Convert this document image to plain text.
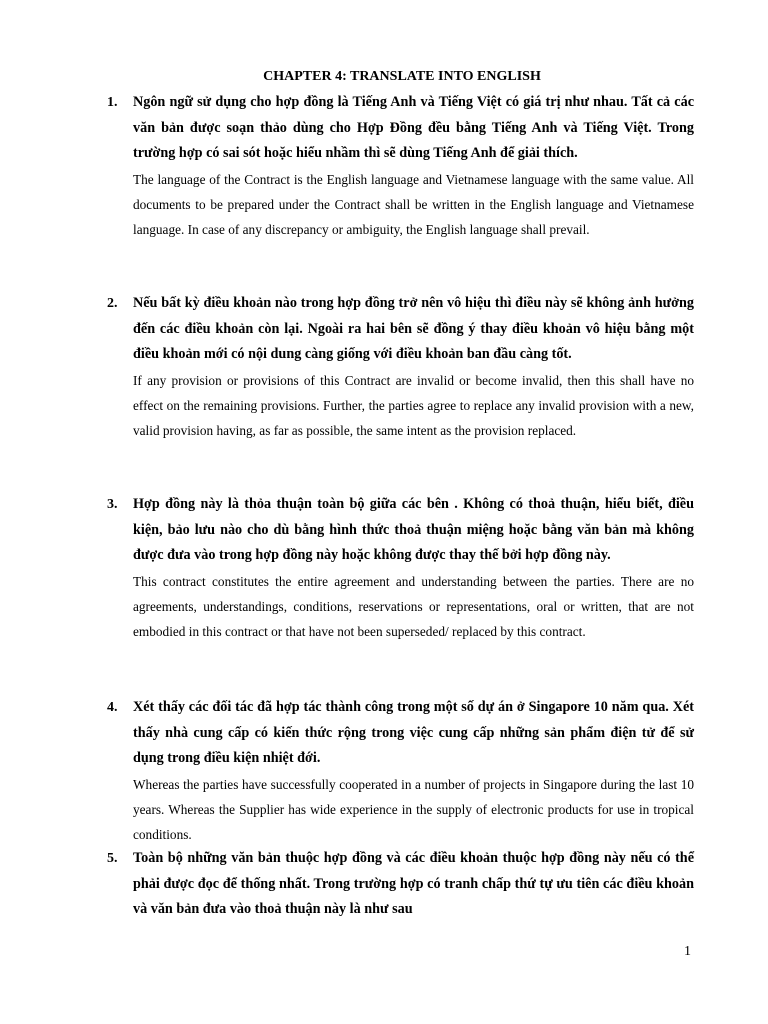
CHAPTER 4: TRANSLATE INTO ENGLISH
1.	Ngôn ngữ sử dụng cho hợp đồng là Tiếng Anh và Tiếng Việt có giá trị như nhau. Tất cả các văn bản được soạn thảo dùng cho Hợp Đồng đều bằng Tiếng Anh và Tiếng Việt. Trong trường hợp có sai sót hoặc hiểu nhầm thì sẽ dùng Tiếng Anh để giải thích.
The language of the Contract is the English language and Vietnamese language with the same value. All documents to be prepared under the Contract shall be written in the English language and Vietnamese language. In case of any discrepancy or ambiguity, the English language shall prevail.
2.	Nếu bất kỳ điều khoản nào trong hợp đồng trở nên vô hiệu thì điều này sẽ không ảnh hưởng đến các điều khoản còn lại. Ngoài ra hai bên sẽ đồng ý thay điều khoản vô hiệu bằng một điều khoản mới có nội dung càng giống với điều khoản ban đầu càng tốt.
If any provision or provisions of this Contract are invalid or become invalid, then this shall have no effect on the remaining provisions. Further, the parties agree to replace any invalid provision with a new, valid provision having, as far as possible, the same intent as the provision replaced.
3.	Hợp đồng này là thỏa thuận toàn bộ giữa các bên . Không có thoả thuận, hiểu biết, điều kiện, bảo lưu nào cho dù bằng hình thức thoả thuận miệng hoặc bằng văn bản mà không được đưa vào trong hợp đồng này hoặc không được thay thế bởi hợp đồng này.
This contract constitutes the entire agreement and understanding between the parties. There are no agreements, understandings, conditions, reservations or representations, oral or written, that are not embodied in this contract or that have not been superseded/ replaced by this contract.
4.	Xét thấy các đối tác đã hợp tác thành công trong một số dự án ở Singapore 10 năm qua. Xét thấy nhà cung cấp có kiến thức rộng trong việc cung cấp những sản phẩm điện tử để sử dụng trong điều kiện nhiệt đới.
Whereas the parties have successfully cooperated in a number of projects in Singapore during the last 10 years. Whereas the Supplier has wide experience in the supply of electronic products for use in tropical conditions.
5.	Toàn bộ những văn bản thuộc hợp đồng và các điều khoản thuộc hợp đồng này nếu có thể phải được đọc để thống nhất. Trong trường hợp có tranh chấp thứ tự ưu tiên các điều khoản và văn bản đưa vào thoả thuận này là như sau
1
